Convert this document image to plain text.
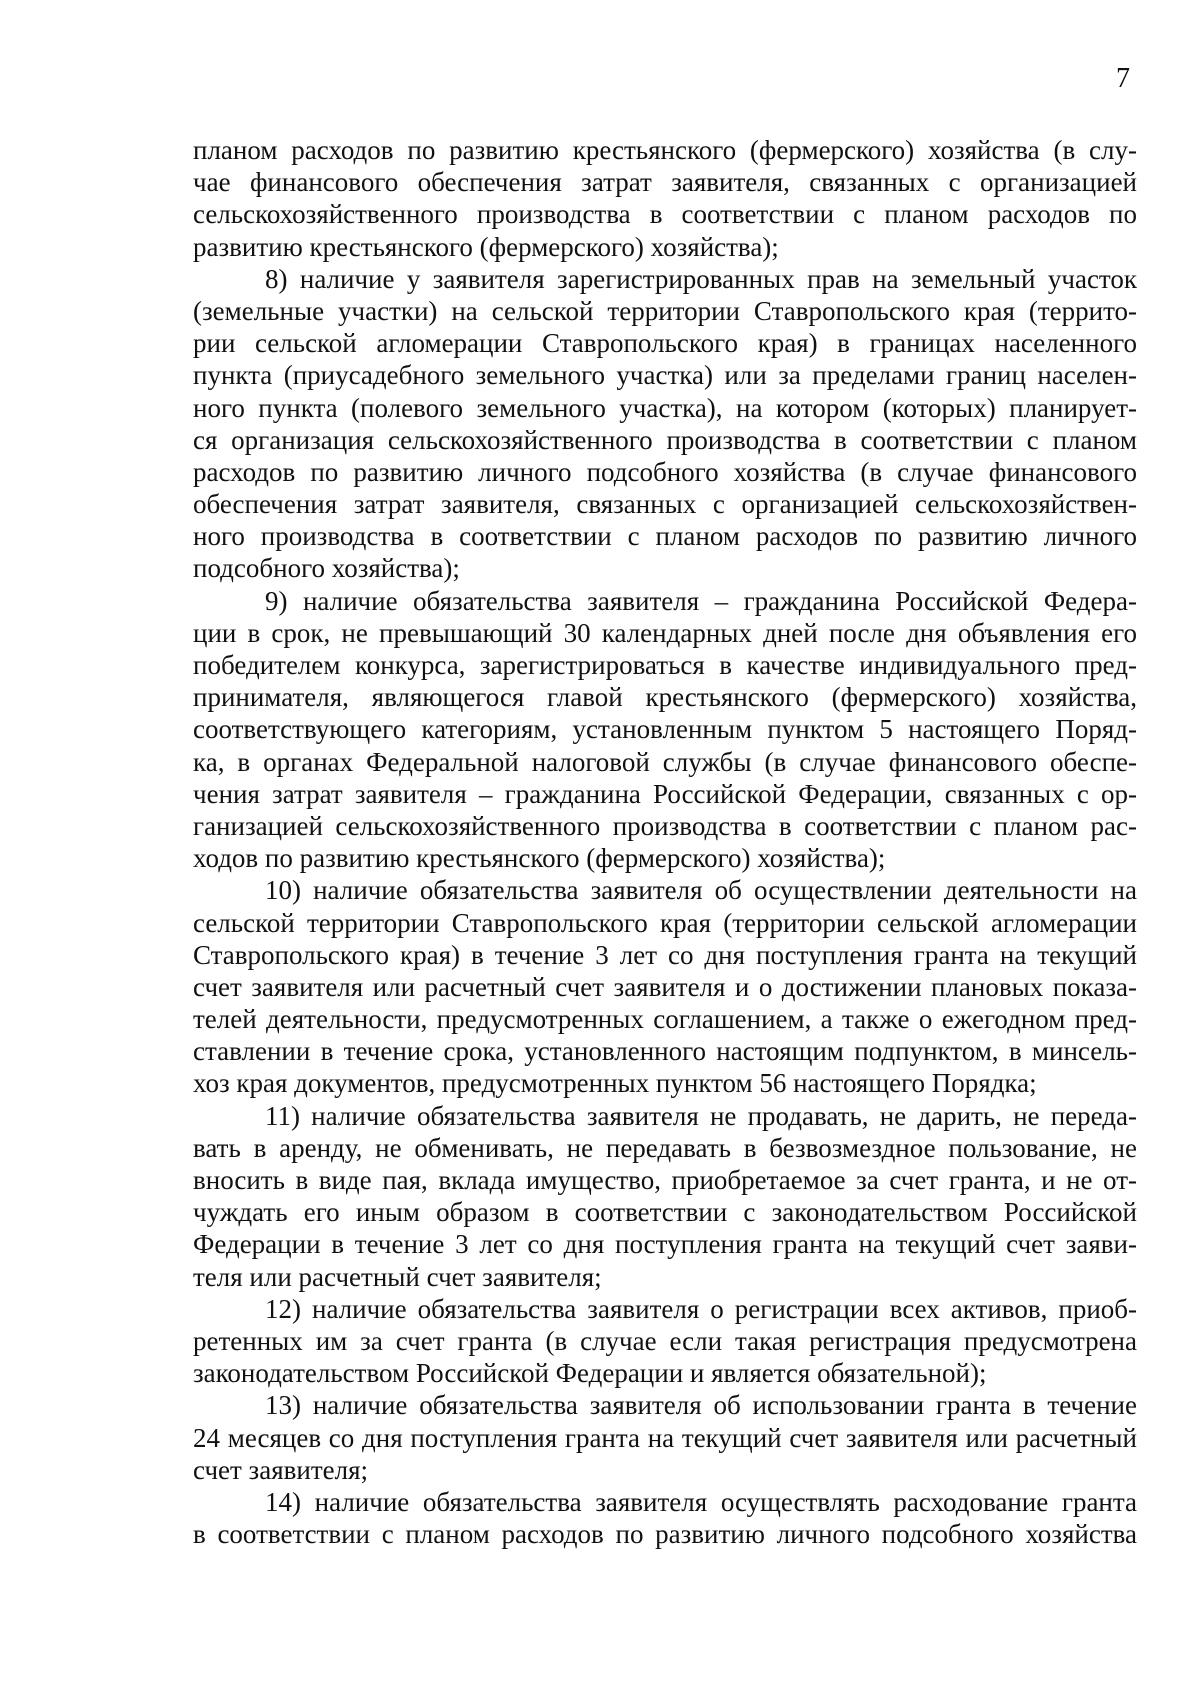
7
планом расходов по развитию крестьянского (фермерского) хозяйства (в слу-
чае финансового обеспечения затрат заявителя, связанных с организацией
сельскохозяйственного производства в соответствии с планом расходов по
развитию крестьянского (фермерского) хозяйства);
8) наличие у заявителя зарегистрированных прав на земельный участок
(земельные участки) на сельской территории Ставропольского края (террито-
рии сельской агломерации Ставропольского края) в границах населенного
пункта (приусадебного земельного участка) или за пределами границ населен-
ного пункта (полевого земельного участка), на котором (которых) планирует-
ся организация сельскохозяйственного производства в соответствии с планом
расходов по развитию личного подсобного хозяйства (в случае финансового
обеспечения затрат заявителя, связанных с организацией сельскохозяйствен-
ного производства в соответствии с планом расходов по развитию личного
подсобного хозяйства);
9) наличие обязательства заявителя – гражданина Российской Федера-
ции в срок, не превышающий 30 календарных дней после дня объявления его
победителем конкурса, зарегистрироваться в качестве индивидуального пред-
принимателя, являющегося главой крестьянского (фермерского) хозяйства,
соответствующего категориям, установленным пунктом 5 настоящего Поряд-
ка, в органах Федеральной налоговой службы (в случае финансового обеспе-
чения затрат заявителя – гражданина Российской Федерации, связанных с ор-
ганизацией сельскохозяйственного производства в соответствии с планом рас-
ходов по развитию крестьянского (фермерского) хозяйства);
10) наличие обязательства заявителя об осуществлении деятельности на
сельской территории Ставропольского края (территории сельской агломерации
Ставропольского края) в течение 3 лет со дня поступления гранта на текущий
счет заявителя или расчетный счет заявителя и о достижении плановых показа-
телей деятельности, предусмотренных соглашением, а также о ежегодном пред-
ставлении в течение срока, установленного настоящим подпунктом, в минсель-
хоз края документов, предусмотренных пунктом 56 настоящего Порядка;
11) наличие обязательства заявителя не продавать, не дарить, не переда-
вать в аренду, не обменивать, не передавать в безвозмездное пользование, не
вносить в виде пая, вклада имущество, приобретаемое за счет гранта, и не от-
чуждать его иным образом в соответствии с законодательством Российской
Федерации в течение 3 лет со дня поступления гранта на текущий счет заяви-
теля или расчетный счет заявителя;
12) наличие обязательства заявителя о регистрации всех активов, приоб-
ретенных им за счет гранта (в случае если такая регистрация предусмотрена
законодательством Российской Федерации и является обязательной);
13) наличие обязательства заявителя об использовании гранта в течение
24 месяцев со дня поступления гранта на текущий счет заявителя или расчетный
счет заявителя;
14) наличие обязательства заявителя осуществлять расходование гранта
в соответствии с планом расходов по развитию личного подсобного хозяйства
